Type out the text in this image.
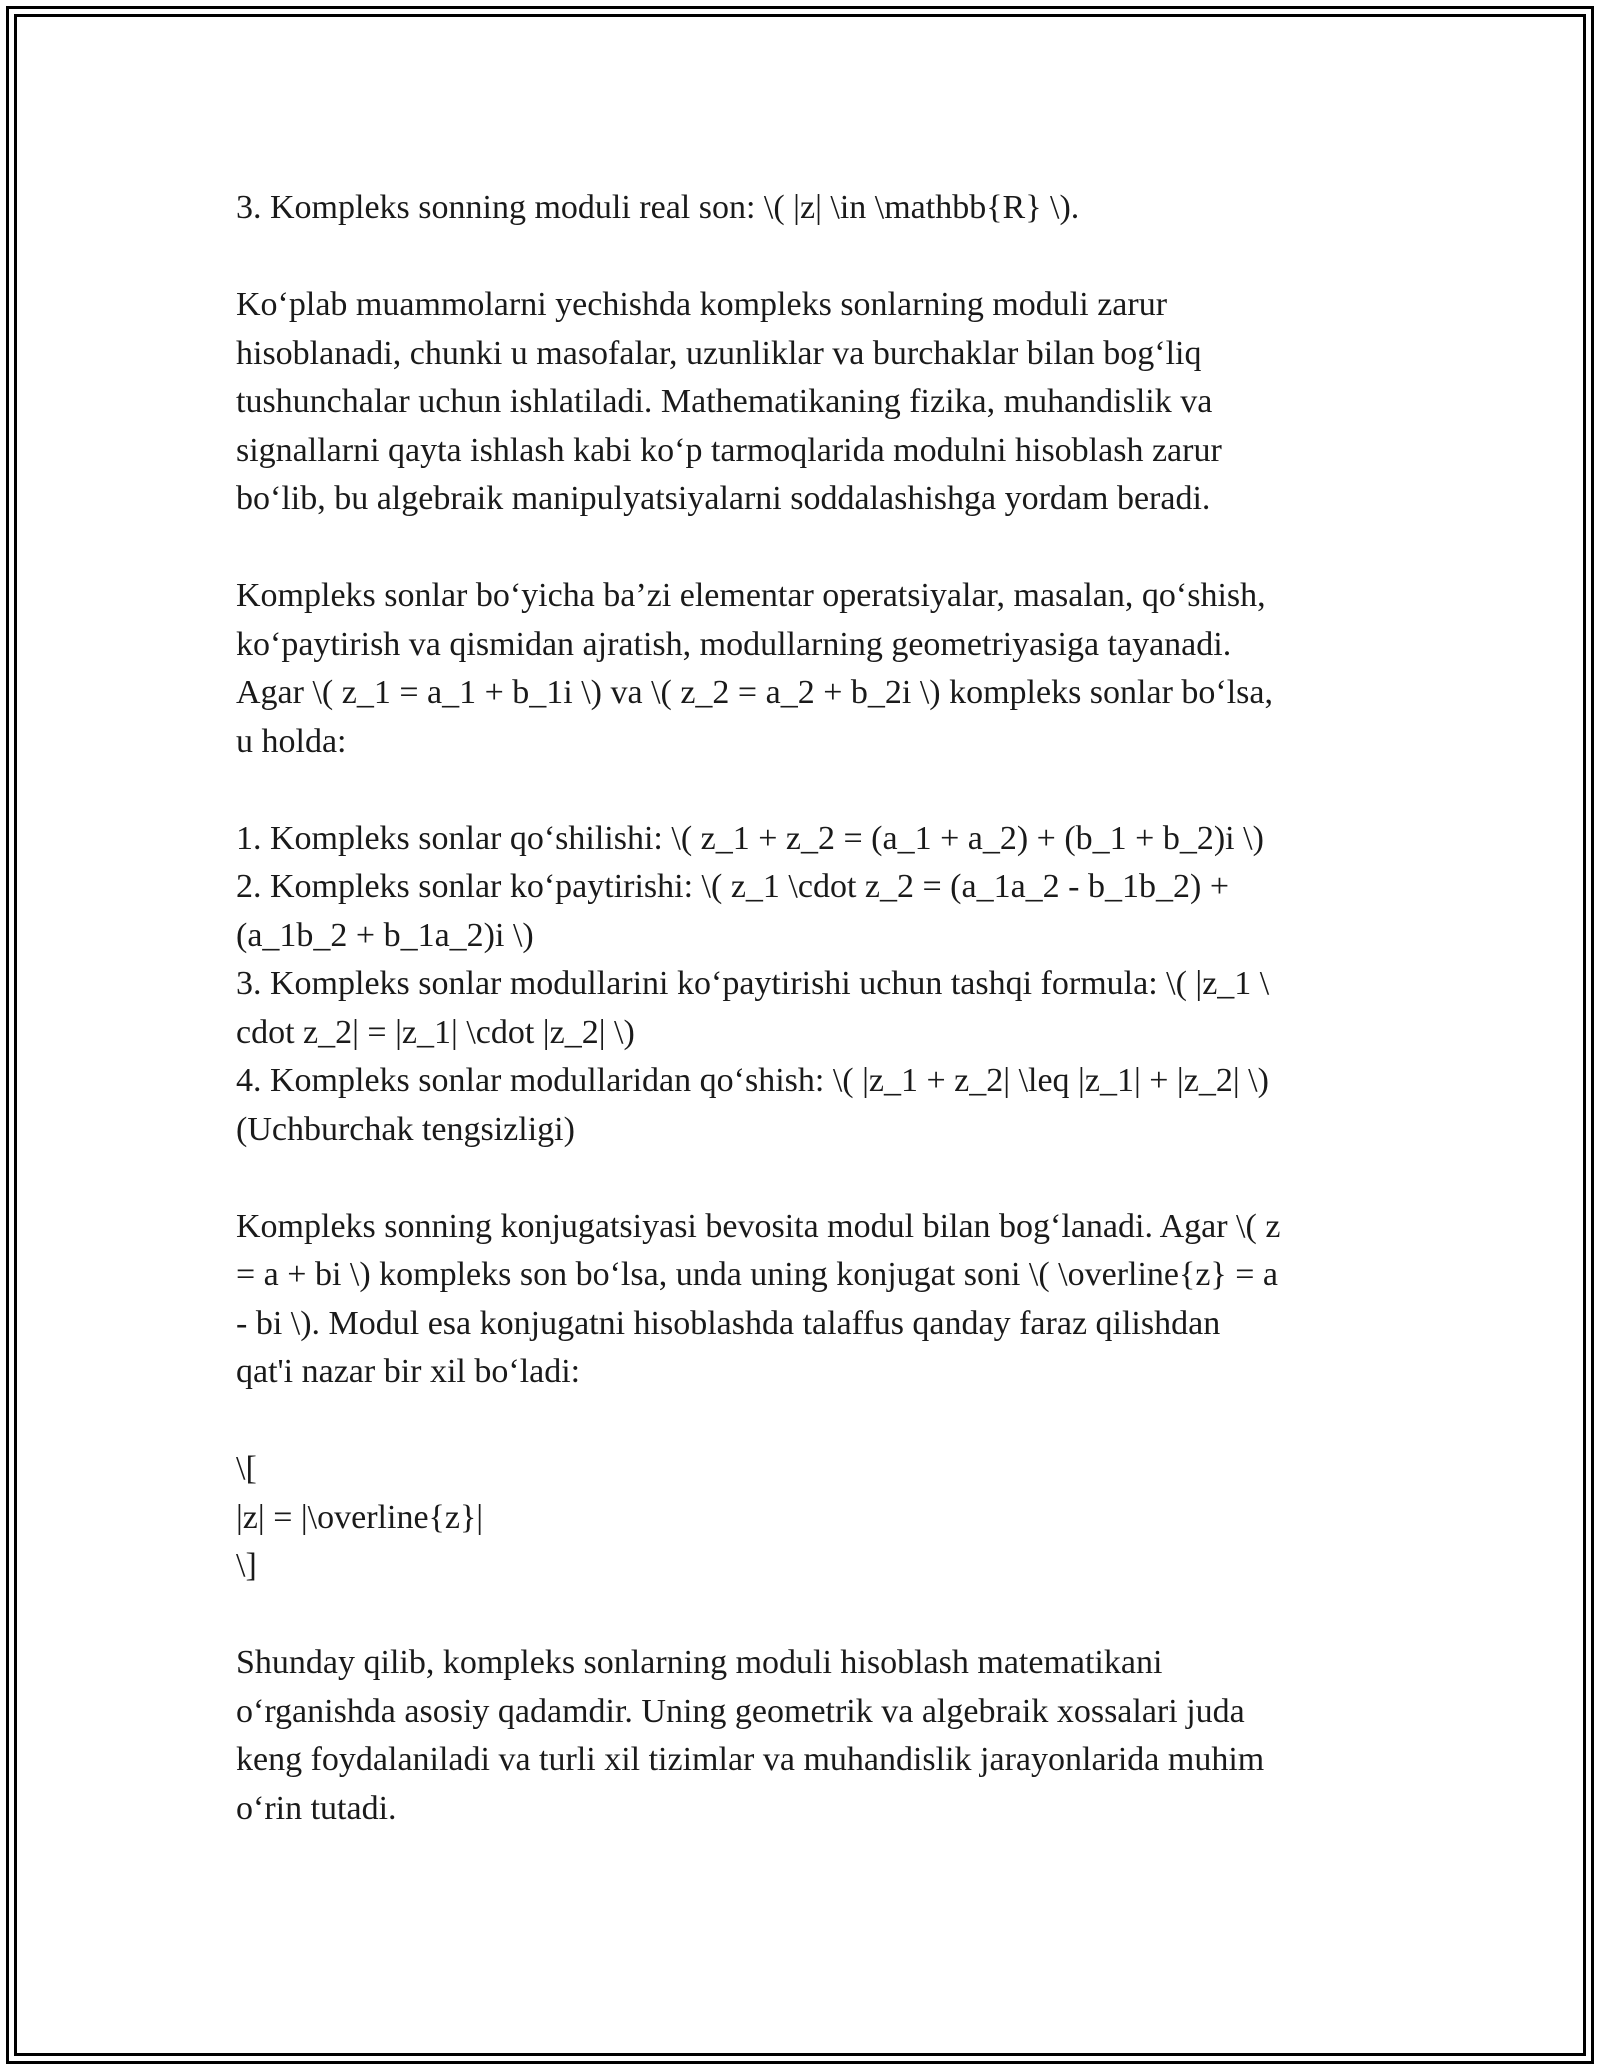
3. Kompleks sonning moduli real son: \( |z| \in \mathbb{R} \).

Ko‘plab muammolarni yechishda kompleks sonlarning moduli zarur
hisoblanadi, chunki u masofalar, uzunliklar va burchaklar bilan bog‘liq
tushunchalar uchun ishlatiladi. Mathematikaning fizika, muhandislik va
signallarni qayta ishlash kabi ko‘p tarmoqlarida modulni hisoblash zarur
bo‘lib, bu algebraik manipulyatsiyalarni soddalashishga yordam beradi.

Kompleks sonlar bo‘yicha ba’zi elementar operatsiyalar, masalan, qo‘shish,
ko‘paytirish va qismidan ajratish, modullarning geometriyasiga tayanadi.
Agar \( z_1 = a_1 + b_1i \) va \( z_2 = a_2 + b_2i \) kompleks sonlar bo‘lsa,
u holda:

1. Kompleks sonlar qo‘shilishi: \( z_1 + z_2 = (a_1 + a_2) + (b_1 + b_2)i \)
2. Kompleks sonlar ko‘paytirishi: \( z_1 \cdot z_2 = (a_1a_2 - b_1b_2) +
(a_1b_2 + b_1a_2)i \)
3. Kompleks sonlar modullarini ko‘paytirishi uchun tashqi formula: \( |z_1 \
cdot z_2| = |z_1| \cdot |z_2| \)
4. Kompleks sonlar modullaridan qo‘shish: \( |z_1 + z_2| \leq |z_1| + |z_2| \)
(Uchburchak tengsizligi)

Kompleks sonning konjugatsiyasi bevosita modul bilan bog‘lanadi. Agar \( z
= a + bi \) kompleks son bo‘lsa, unda uning konjugat soni \( \overline{z} = a
- bi \). Modul esa konjugatni hisoblashda talaffus qanday faraz qilishdan
qat'i nazar bir xil bo‘ladi:

\[
|z| = |\overline{z}|
\]

Shunday qilib, kompleks sonlarning moduli hisoblash matematikani
o‘rganishda asosiy qadamdir. Uning geometrik va algebraik xossalari juda
keng foydalaniladi va turli xil tizimlar va muhandislik jarayonlarida muhim
o‘rin tutadi.
